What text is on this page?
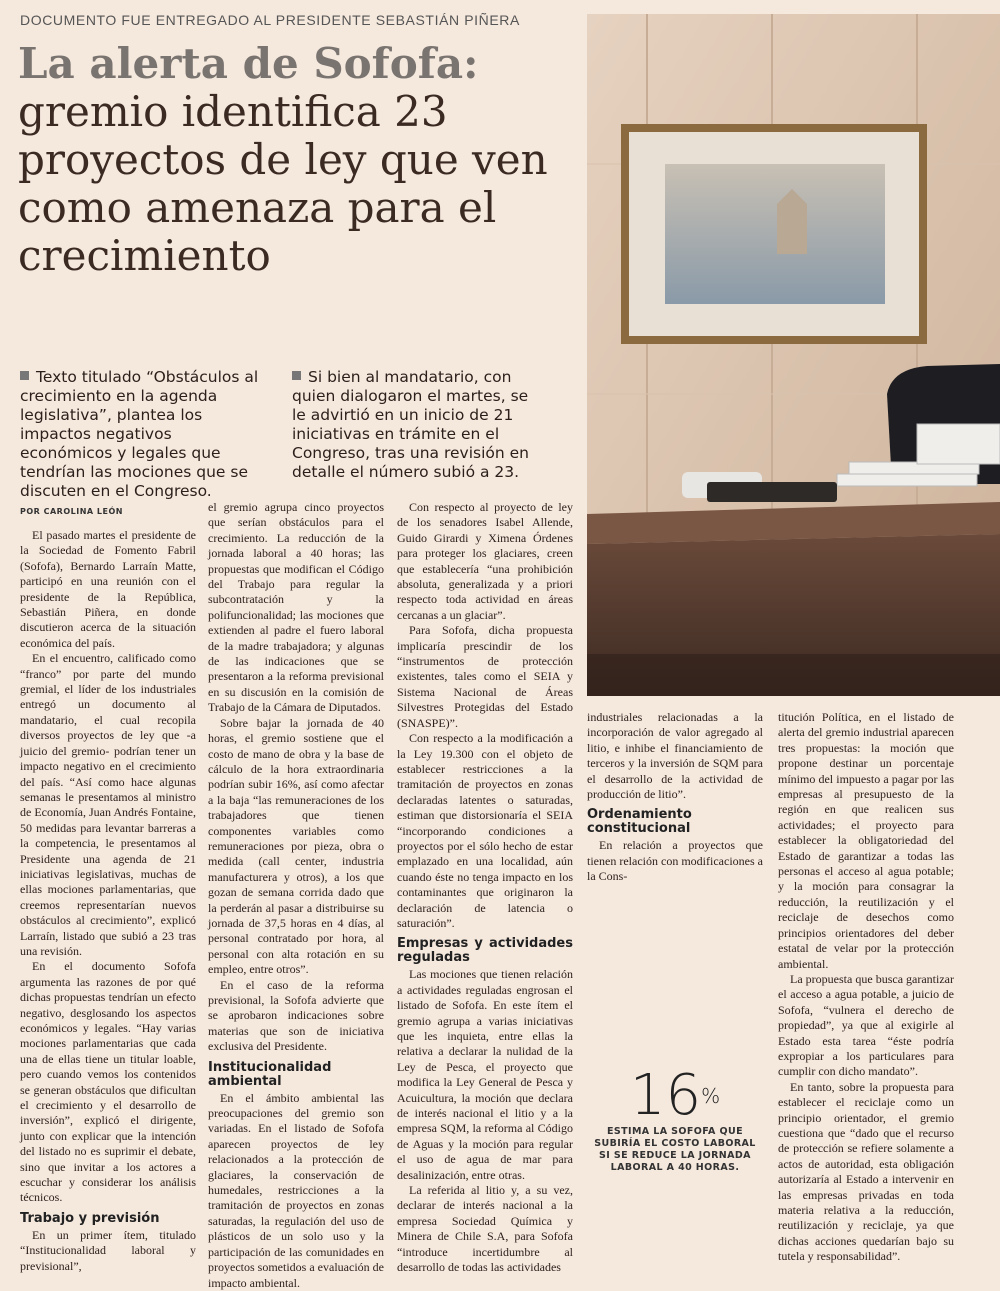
DOCUMENTO FUE ENTREGADO AL PRESIDENTE SEBASTIÁN PIÑERA
La alerta de Sofofa:
gremio identifica 23 proyectos de ley que ven como amenaza para el crecimiento
Texto titulado “Obstáculos al crecimiento en la agenda legislativa”, plantea los impactos negativos económicos y legales que tendrían las mociones que se discuten en el Congreso.
Si bien al mandatario, con quien dialogaron el martes, se le advirtió en un inicio de 21 iniciativas en trámite en el Congreso, tras una revisión en detalle el número subió a 23.
POR CAROLINA LEÓN

El pasado martes el presidente de la Sociedad de Fomento Fabril (Sofofa), Bernardo Larraín Matte, participó en una reunión con el presidente de la República, Sebastián Piñera, en donde discutieron acerca de la situación económica del país.

En el encuentro, calificado como “franco” por parte del mundo gremial, el líder de los industriales entregó un documento al mandatario, el cual recopila diversos proyectos de ley que -a juicio del gremio- podrían tener un impacto negativo en el crecimiento del país. “Así como hace algunas semanas le presentamos al ministro de Economía, Juan Andrés Fontaine, 50 medidas para levantar barreras a la competencia, le presentamos al Presidente una agenda de 21 iniciativas legislativas, muchas de ellas mociones parlamentarias, que creemos representarían nuevos obstáculos al crecimiento”, explicó Larraín, listado que subió a 23 tras una revisión.

En el documento Sofofa argumenta las razones de por qué dichas propuestas tendrían un efecto negativo, desglosando los aspectos económicos y legales. “Hay varias mociones parlamentarias que cada una de ellas tiene un titular loable, pero cuando vemos los contenidos se generan obstáculos que dificultan el crecimiento y el desarrollo de inversión”, explicó el dirigente, junto con explicar que la intención del listado no es suprimir el debate, sino que invitar a los actores a escuchar y considerar los análisis técnicos.

Trabajo y previsión

En un primer ítem, titulado “Institucionalidad laboral y previsional”,

el gremio agrupa cinco proyectos que serían obstáculos para el crecimiento. La reducción de la jornada laboral a 40 horas; las propuestas que modifican el Código del Trabajo para regular la subcontratación y la polifuncionalidad; las mociones que extienden al padre el fuero laboral de la madre trabajadora; y algunas de las indicaciones que se presentaron a la reforma previsional en su discusión en la comisión de Trabajo de la Cámara de Diputados.

Sobre bajar la jornada de 40 horas, el gremio sostiene que el costo de mano de obra y la base de cálculo de la hora extraordinaria podrían subir 16%, así como afectar a la baja “las remuneraciones de los trabajadores que tienen componentes variables como remuneraciones por pieza, obra o medida (call center, industria manufacturera y otros), a los que gozan de semana corrida dado que la perderán al pasar a distribuirse su jornada de 37,5 horas en 4 días, al personal contratado por hora, al personal con alta rotación en su empleo, entre otros”.

En el caso de la reforma previsional, la Sofofa advierte que se aprobaron indicaciones sobre materias que son de iniciativa exclusiva del Presidente.

Institucionalidad ambiental

En el ámbito ambiental las preocupaciones del gremio son variadas. En el listado de Sofofa aparecen proyectos de ley relacionados a la protección de glaciares, la conservación de humedales, restricciones a la tramitación de proyectos en zonas saturadas, la regulación del uso de plásticos de un solo uso y la participación de las comunidades en proyectos sometidos a evaluación de impacto ambiental.

Con respecto al proyecto de ley de los senadores Isabel Allende, Guido Girardi y Ximena Órdenes para proteger los glaciares, creen que establecería “una prohibición absoluta, generalizada y a priori respecto toda actividad en áreas cercanas a un glaciar”.

Para Sofofa, dicha propuesta implicaría prescindir de los “instrumentos de protección existentes, tales como el SEIA y Sistema Nacional de Áreas Silvestres Protegidas del Estado (SNASPE)”.

Con respecto a la modificación a la Ley 19.300 con el objeto de establecer restricciones a la tramitación de proyectos en zonas declaradas latentes o saturadas, estiman que distorsionaría el SEIA “incorporando condiciones a proyectos por el sólo hecho de estar emplazado en una localidad, aún cuando éste no tenga impacto en los contaminantes que originaron la declaración de latencia o saturación”.

Empresas y actividades reguladas

Las mociones que tienen relación a actividades reguladas engrosan el listado de Sofofa. En este ítem el gremio agrupa a varias iniciativas que les inquieta, entre ellas la relativa a declarar la nulidad de la Ley de Pesca, el proyecto que modifica la Ley General de Pesca y Acuicultura, la moción que declara de interés nacional el litio y a la empresa SQM, la reforma al Código de Aguas y la moción para regular el uso de agua de mar para desalinización, entre otras.

La referida al litio y, a su vez, declarar de interés nacional a la empresa Sociedad Química y Minera de Chile S.A, para Sofofa “introduce incertidumbre al desarrollo de todas las actividades

industriales relacionadas a la incorporación de valor agregado al litio, e inhibe el financiamiento de terceros y la inversión de SQM para el desarrollo de la actividad de producción de litio”.

Ordenamiento constitucional

En relación a proyectos que tienen relación con modificaciones a la Cons-

titución Política, en el listado de alerta del gremio industrial aparecen tres propuestas: la moción que propone destinar un porcentaje mínimo del impuesto a pagar por las empresas al presupuesto de la región en que realicen sus actividades; el proyecto para establecer la obligatoriedad del Estado de garantizar a todas las personas el acceso al agua potable; y la moción para consagrar la reducción, la reutilización y el reciclaje de desechos como principios orientadores del deber estatal de velar por la protección ambiental.

La propuesta que busca garantizar el acceso a agua potable, a juicio de Sofofa, “vulnera el derecho de propiedad”, ya que al exigirle al Estado esta tarea “éste podría expropiar a los particulares para cumplir con dicho mandato”.

En tanto, sobre la propuesta para establecer el reciclaje como un principio orientador, el gremio cuestiona que “dado que el recurso de protección se refiere solamente a actos de autoridad, esta obligación autorizaría al Estado a intervenir en las empresas privadas en toda materia relativa a la reducción, reutilización y reciclaje, ya que dichas acciones quedarían bajo su tutela y responsabilidad”.

16%
ESTIMA LA SOFOFA QUE SUBIRÍA EL COSTO LABORAL SI SE REDUCE LA JORNADA LABORAL A 40 HORAS.
